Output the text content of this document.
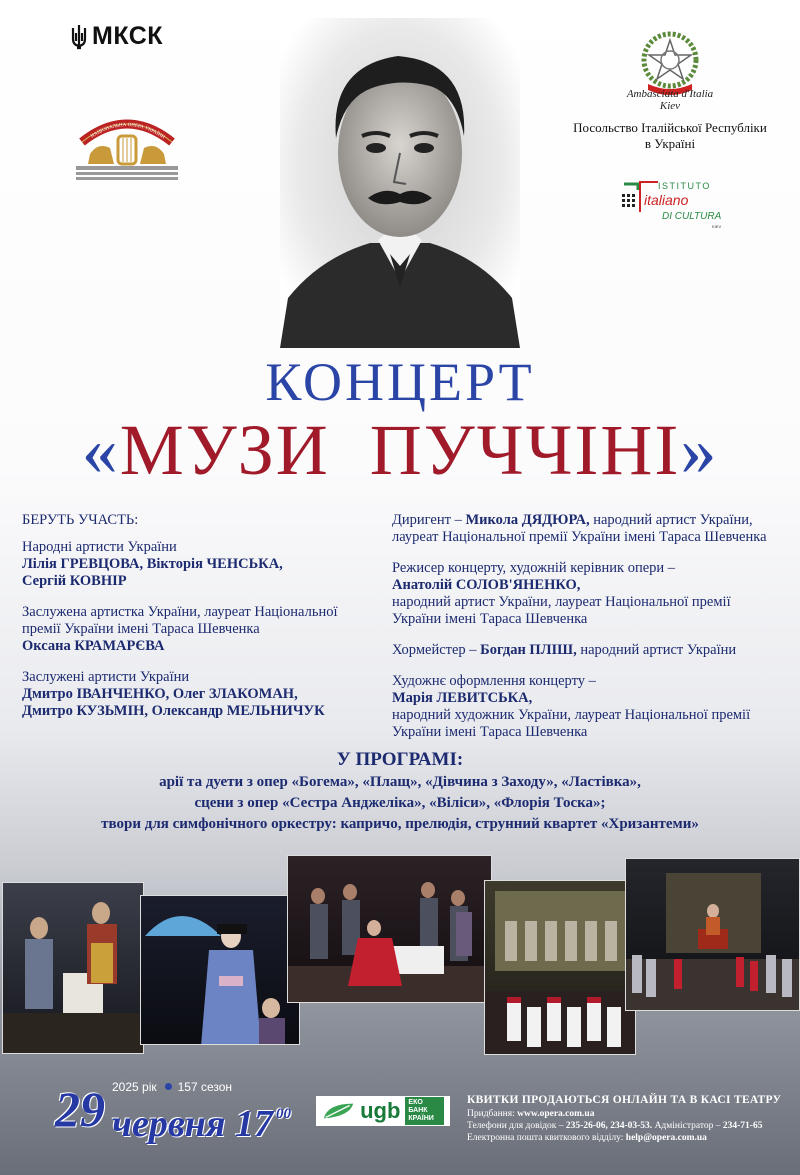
МКСК
НАЦІОНАЛЬНА ОПЕРА УКРАЇНИ
Ambasciata d'Italia
Kiev
Посольство Італійської Республіки
в Україні
ISTITUTO
italiano
DI CULTURA
KIEV
КОНЦЕРТ
«МУЗИ  ПУЧЧІНІ»

БЕРУТЬ УЧАСТЬ:

Народні артисти України

Лілія ГРЕВЦОВА, Вікторія ЧЕНСЬКА,

Сергій КОВНІР

Заслужена артистка України, лауреат Національної

премії України імені Тараса Шевченка

Оксана КРАМАРЄВА

Заслужені артисти України

Дмитро ІВАНЧЕНКО, Олег ЗЛАКОМАН,

Дмитро КУЗЬМІН, Олександр МЕЛЬНИЧУК

Диригент – Микола ДЯДЮРА, народний артист України,

лауреат Національної премії України імені Тараса Шевченка

Режисер концерту, художній керівник опери –

Анатолій СОЛОВ'ЯНЕНКО,

народний артист України, лауреат Національної премії

України імені Тараса Шевченка

Хормейстер – Богдан ПЛІШ, народний артист України

Художнє оформлення концерту –

Марія ЛЕВИТСЬКА,

народний художник України, лауреат Національної премії

України імені Тараса Шевченка

У ПРОГРАМІ:
арії та дуети з опер «Богема», «Плащ», «Дівчина з Заходу», «Ластівка»,
сцени з опер «Сестра Анджеліка», «Віліси», «Флорія Тоска»;
твори для симфонічного оркестру: капричо, прелюдія, струнний квартет «Хризантеми»
29 2025 рік 157 сезон
червня 17 $^{00}$	ugb ЕКО БАНК
КРАЇНИ
КВИТКИ ПРОДАЮТЬСЯ ОНЛАЙН ТА В КАСІ ТЕАТРУ
Придбання: www.opera.com.ua
Телефони для довідок – 235-26-06, 234-03-53. Адміністратор – 234-71-65
Електронна пошта квиткового відділу: help@opera.com.ua
